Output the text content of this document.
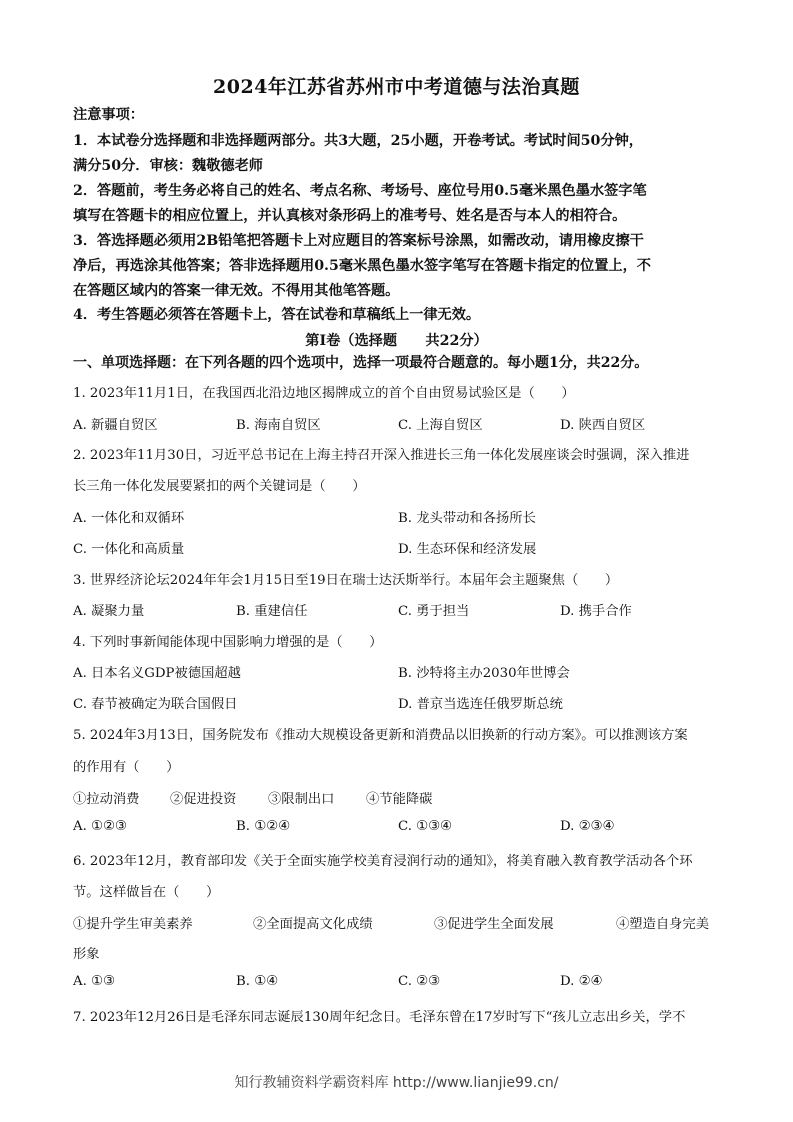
2024年江苏省苏州市中考道德与法治真题
注意事项：
1．本试卷分选择题和非选择题两部分。共3大题，25小题，开卷考试。考试时间50分钟，
满分50分．审核：魏敬德老师
2．答题前，考生务必将自己的姓名、考点名称、考场号、座位号用0.5毫米黑色墨水签字笔
填写在答题卡的相应位置上，并认真核对条形码上的准考号、姓名是否与本人的相符合。
3．答选择题必须用2B铅笔把答题卡上对应题目的答案标号涂黑，如需改动，请用橡皮擦干
净后，再选涂其他答案；答非选择题用0.5毫米黑色墨水签字笔写在答题卡指定的位置上，不
在答题区域内的答案一律无效。不得用其他笔答题。
4．考生答题必须答在答题卡上，答在试卷和草稿纸上一律无效。
第I卷（选择题　　共22分）
一、单项选择题：在下列各题的四个选项中，选择一项最符合题意的。每小题1分，共22分。
1. 2023年11月1日，在我国西北沿边地区揭牌成立的首个自由贸易试验区是（　　）
A. 新疆自贸区	B. 海南自贸区	C. 上海自贸区	D. 陕西自贸区
2. 2023年11月30日，习近平总书记在上海主持召开深入推进长三角一体化发展座谈会时强调，深入推进
长三角一体化发展要紧扣的两个关键词是（　　）
A. 一体化和双循环	B. 龙头带动和各扬所长
C. 一体化和高质量	D. 生态环保和经济发展
3. 世界经济论坛2024年年会1月15日至19日在瑞士达沃斯举行。本届年会主题聚焦（　　）
A. 凝聚力量	B. 重建信任	C. 勇于担当	D. 携手合作
4. 下列时事新闻能体现中国影响力增强的是（　　）
A. 日本名义GDP被德国超越	B. 沙特将主办2030年世博会
C. 春节被确定为联合国假日	D. 普京当选连任俄罗斯总统
5. 2024年3月13日，国务院发布《推动大规模设备更新和消费品以旧换新的行动方案》。可以推测该方案
的作用有（　　）
①拉动消费 ②促进投资 ③限制出口 ④节能降碳
A. ①②③	B. ①②④	C. ①③④	D. ②③④
6. 2023年12月，教育部印发《关于全面实施学校美育浸润行动的通知》，将美育融入教育教学活动各个环
节。这样做旨在（　　）
①提升学生审美素养	②全面提高文化成绩	③促进学生全面发展	④塑造自身完美
形象
A. ①③	B. ①④	C. ②③	D. ②④
7. 2023年12月26日是毛泽东同志诞辰130周年纪念日。毛泽东曾在17岁时写下“孩儿立志出乡关，学不
知行教辅资料学霸资料库 http://www.lianjie99.cn/
